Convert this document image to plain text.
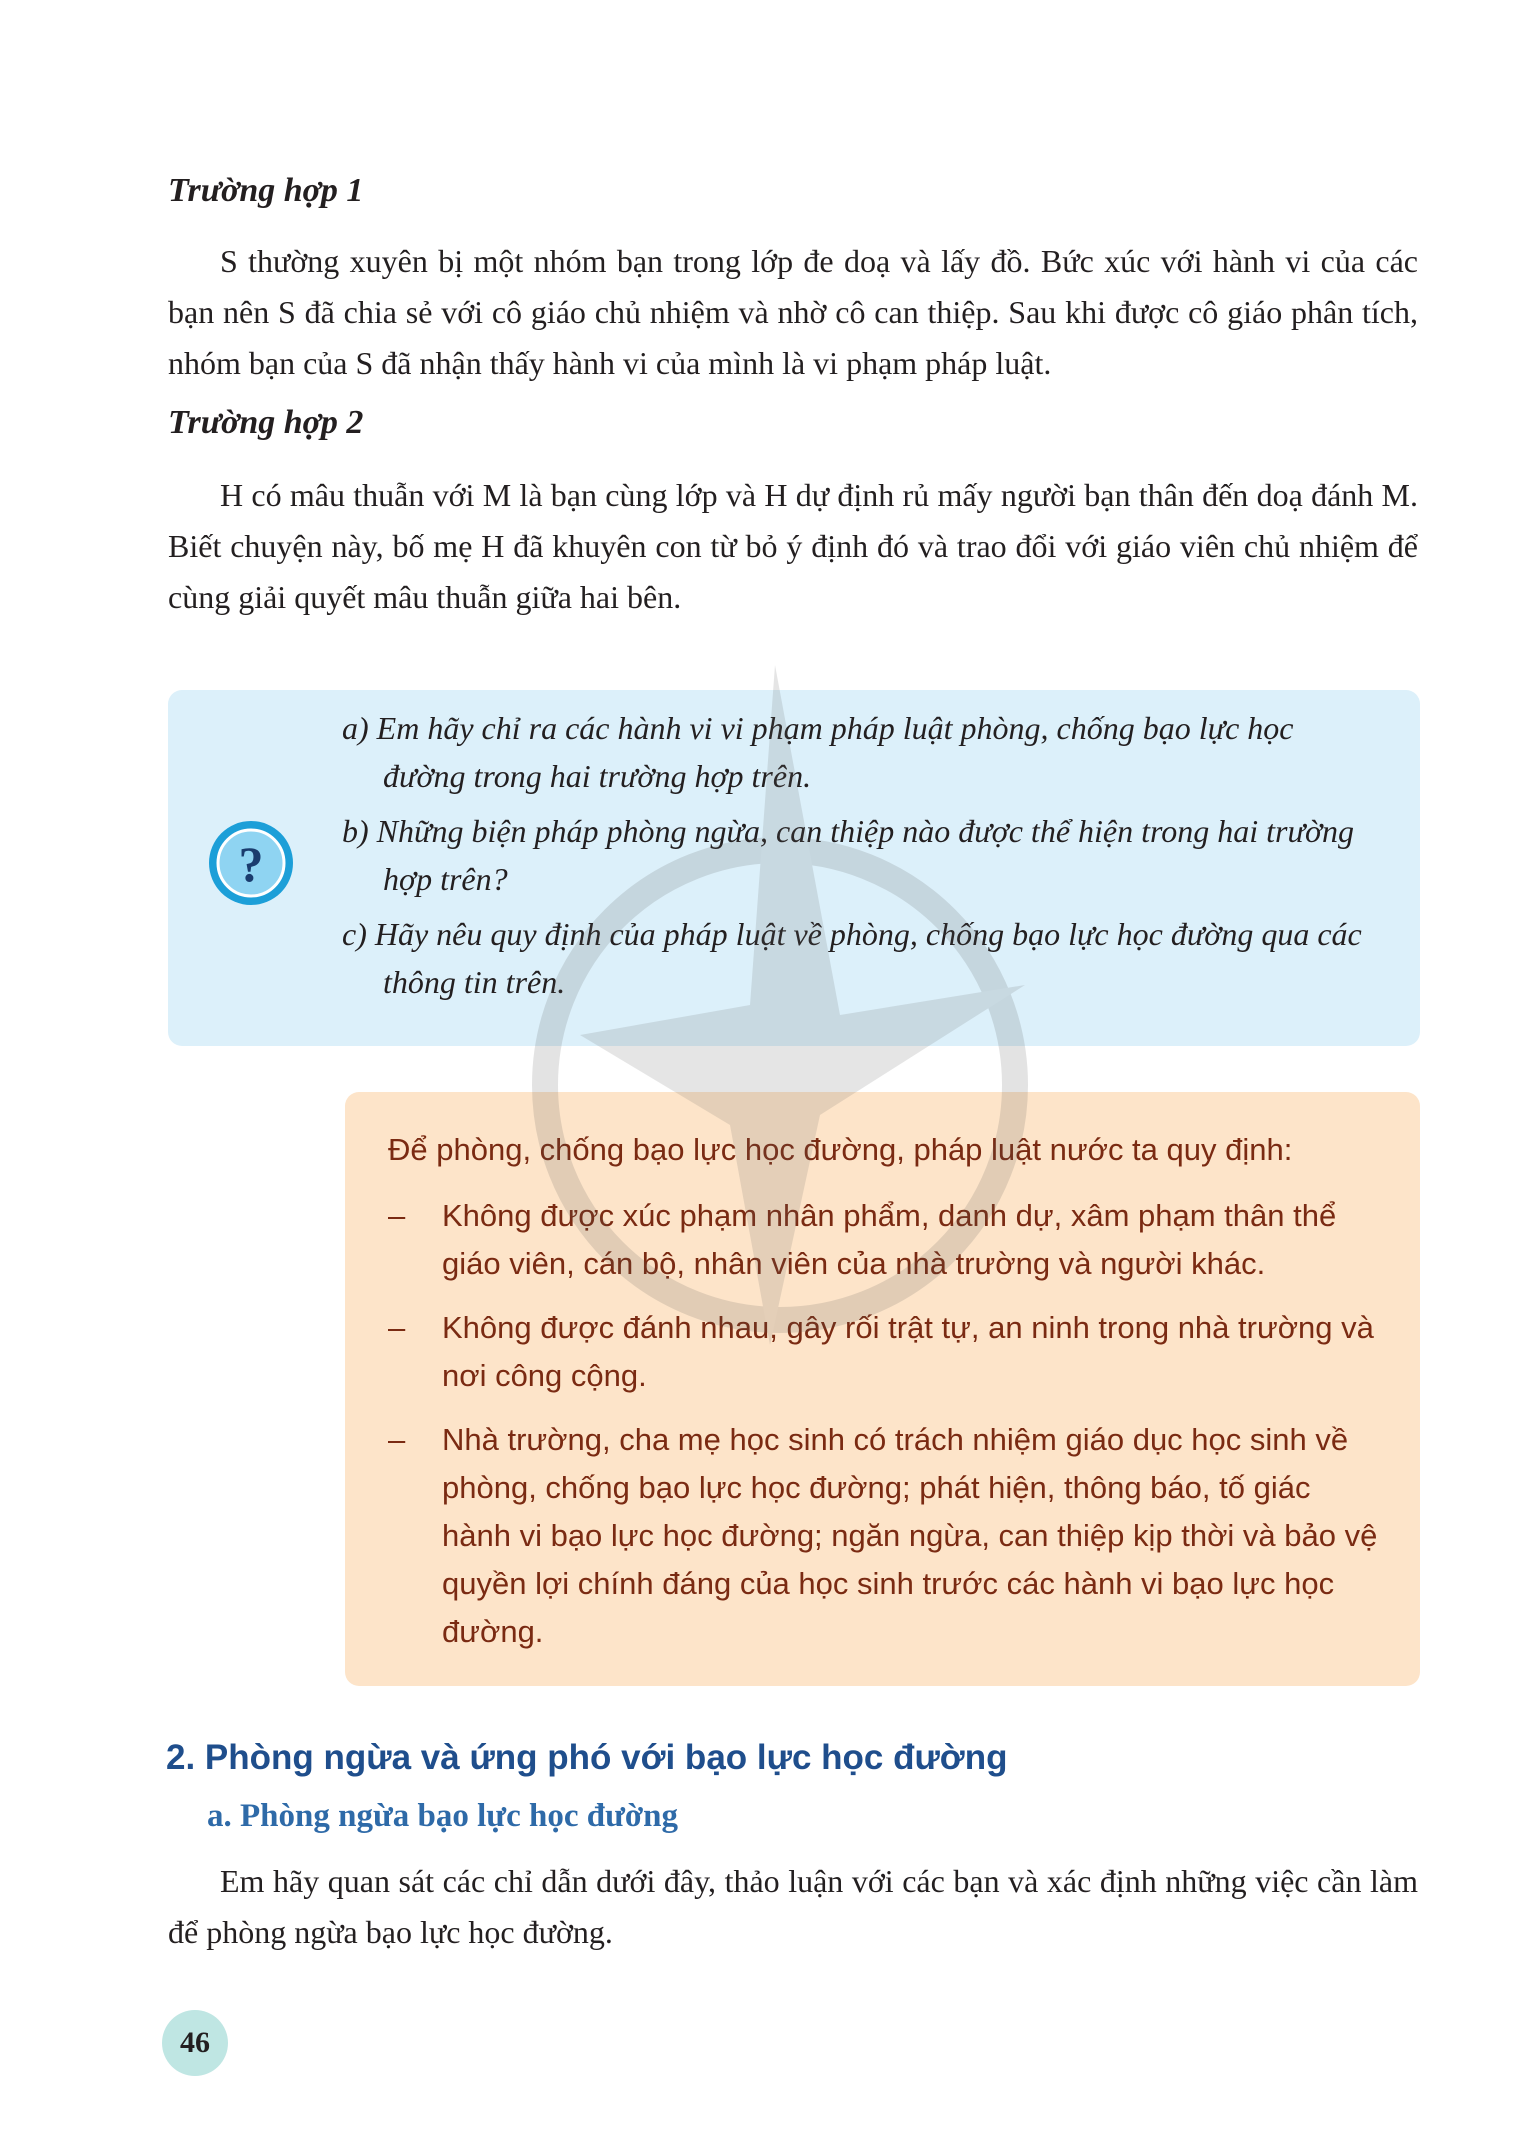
Trường hợp 1

S thường xuyên bị một nhóm bạn trong lớp đe doạ và lấy đồ. Bức xúc với hành vi của các bạn nên S đã chia sẻ với cô giáo chủ nhiệm và nhờ cô can thiệp. Sau khi được cô giáo phân tích, nhóm bạn của S đã nhận thấy hành vi của mình là vi phạm pháp luật.

Trường hợp 2

H có mâu thuẫn với M là bạn cùng lớp và H dự định rủ mấy người bạn thân đến doạ đánh M. Biết chuyện này, bố mẹ H đã khuyên con từ bỏ ý định đó và trao đổi với giáo viên chủ nhiệm để cùng giải quyết mâu thuẫn giữa hai bên.

?

a) Em hãy chỉ ra các hành vi vi phạm pháp luật phòng, chống bạo lực học đường trong hai trường hợp trên.

b) Những biện pháp phòng ngừa, can thiệp nào được thể hiện trong hai trường hợp trên?

c) Hãy nêu quy định của pháp luật về phòng, chống bạo lực học đường qua các thông tin trên.

Để phòng, chống bạo lực học đường, pháp luật nước ta quy định:

– Không được xúc phạm nhân phẩm, danh dự, xâm phạm thân thể giáo viên, cán bộ, nhân viên của nhà trường và người khác.

– Không được đánh nhau, gây rối trật tự, an ninh trong nhà trường và nơi công cộng.

– Nhà trường, cha mẹ học sinh có trách nhiệm giáo dục học sinh về phòng, chống bạo lực học đường; phát hiện, thông báo, tố giác hành vi bạo lực học đường; ngăn ngừa, can thiệp kịp thời và bảo vệ quyền lợi chính đáng của học sinh trước các hành vi bạo lực học đường.

2. Phòng ngừa và ứng phó với bạo lực học đường
a. Phòng ngừa bạo lực học đường

Em hãy quan sát các chỉ dẫn dưới đây, thảo luận với các bạn và xác định những việc cần làm để phòng ngừa bạo lực học đường.

46
